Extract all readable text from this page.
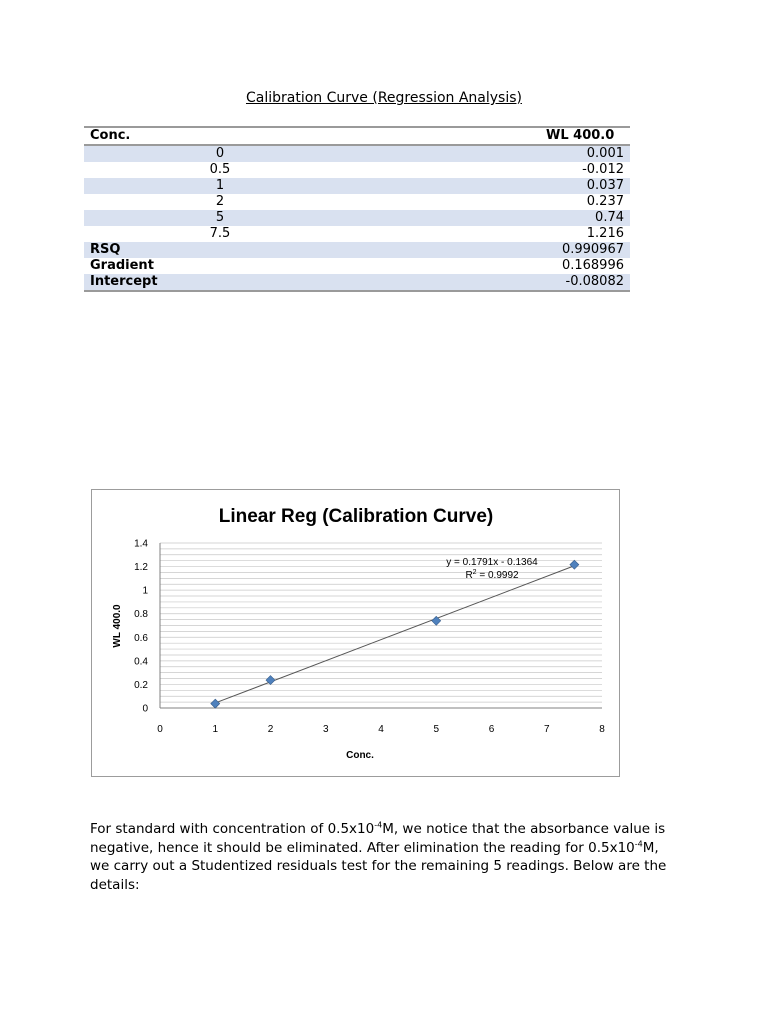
Calibration Curve (Regression Analysis)
Conc.	WL 400.0
0	0.001
0.5	-0.012
1	0.037
2	0.237
5	0.74
7.5	1.216
RSQ	0.990967
Gradient	0.168996
Intercept	-0.08082
Linear Reg (Calibration Curve)
0
0.2
0.4
0.6
0.8
1
1.2
1.4
0	1	2	3	4	5	6	7	8
y = 0.1791x - 0.1364
$R^2 = 0.9992$
Conc.
WL 400.0
For standard with concentration of $0.5x10^{-4}M$, we notice that the absorbance value is negative, hence it should be eliminated. After elimination the reading for $0.5x10^{-4}M$, we carry out a Studentized residuals test for the remaining 5 readings. Below are the details:
